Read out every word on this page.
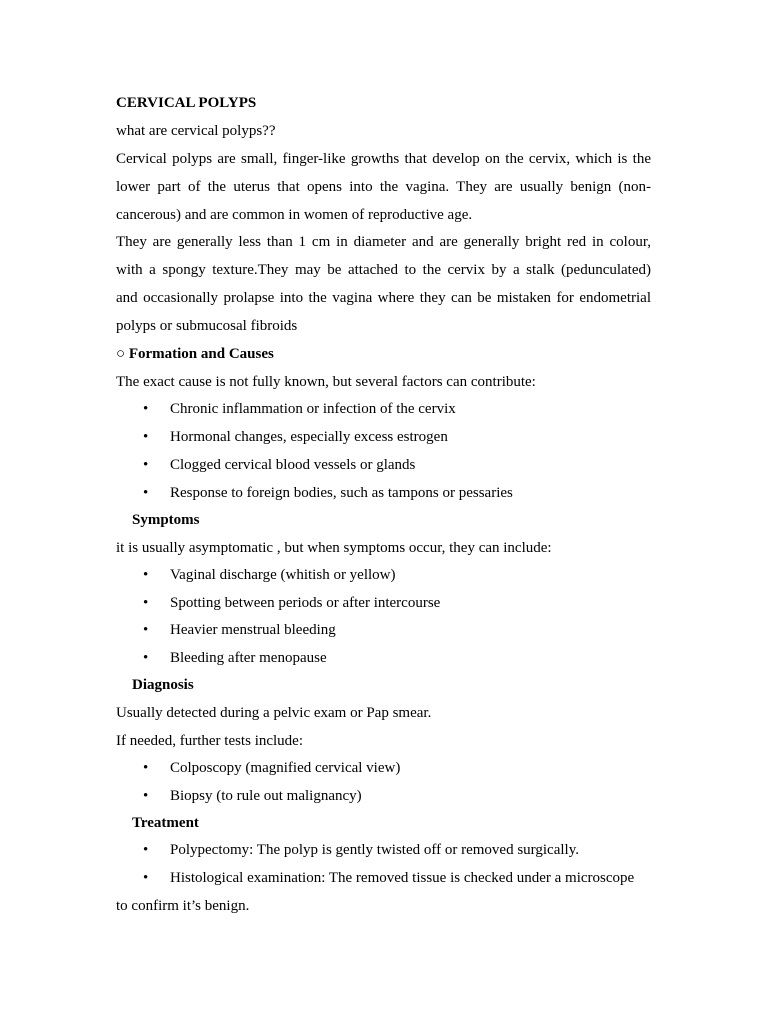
CERVICAL POLYPS

what are cervical polyps??

Cervical polyps are small, finger-like growths that develop on the cervix, which is the

lower part of the uterus that opens into the vagina. They are usually benign (non-

cancerous) and are common in women of reproductive age.

They are generally less than 1 cm in diameter and are generally bright red in colour,

with a spongy texture.They may be attached to the cervix by a stalk (pedunculated)

and occasionally prolapse into the vagina where they can be mistaken for endometrial

polyps or submucosal fibroids

○ Formation and Causes

The exact cause is not fully known, but several factors can contribute:

• Chronic inflammation or infection of the cervix
• Hormonal changes, especially excess estrogen
• Clogged cervical blood vessels or glands
• Response to foreign bodies, such as tampons or pessaries

Symptoms

it is usually asymptomatic , but when symptoms occur, they can include:

• Vaginal discharge (whitish or yellow)
• Spotting between periods or after intercourse
• Heavier menstrual bleeding
• Bleeding after menopause

Diagnosis

Usually detected during a pelvic exam or Pap smear.

If needed, further tests include:

• Colposcopy (magnified cervical view)
• Biopsy (to rule out malignancy)

Treatment

• Polypectomy: The polyp is gently twisted off or removed surgically.
• Histological examination: The removed tissue is checked under a microscope

to confirm it’s benign.
